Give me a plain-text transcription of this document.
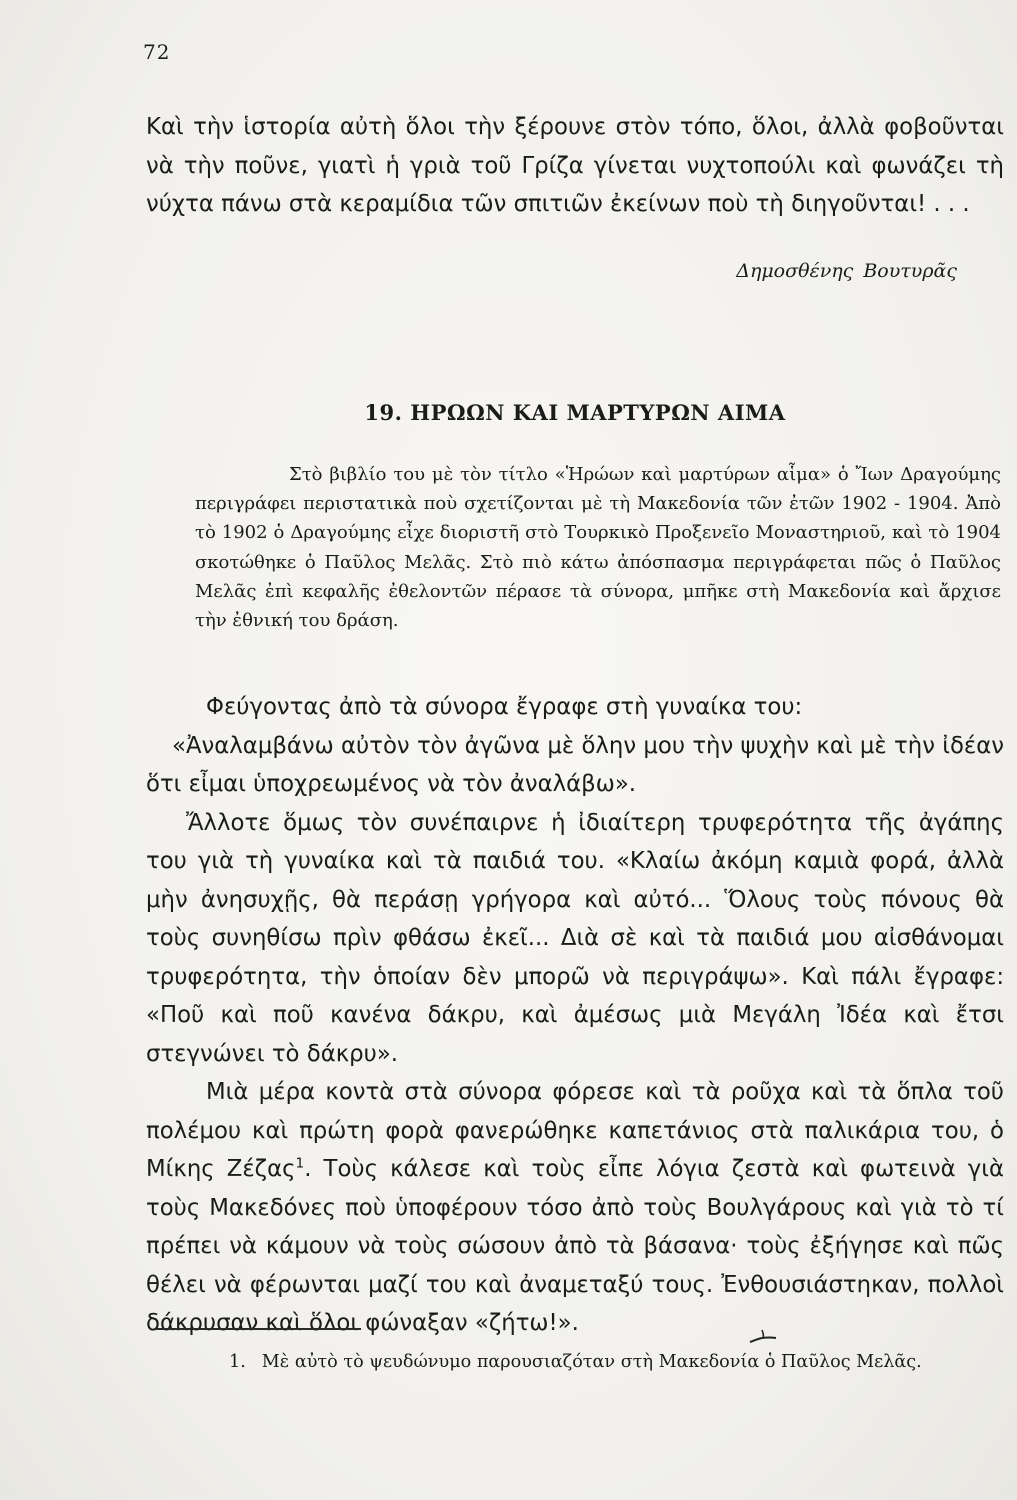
72

Καὶ τὴν ἱστορία αὐτὴ ὅλοι τὴν ξέρουνε στὸν τόπο, ὅλοι, ἀλλὰ φοβοῦνται νὰ τὴν ποῦνε, γιατὶ ἡ γριὰ τοῦ Γρίζα γίνεται νυχτοπούλι καὶ φωνάζει τὴ νύχτα πάνω στὰ κεραμίδια τῶν σπιτιῶν ἐκείνων ποὺ τὴ διηγοῦνται! . . .

Δημοσθένης Βουτυρᾶς
19. ΗΡΩΩΝ ΚΑΙ ΜΑΡΤΥΡΩΝ ΑΙΜΑ

Στὸ βιβλίο του μὲ τὸν τίτλο «Ἡρώων καὶ μαρτύρων αἷμα» ὁ Ἴων Δραγούμης περιγράφει περιστατικὰ ποὺ σχετίζονται μὲ τὴ Μακεδονία τῶν ἐτῶν 1902 - 1904. Ἀπὸ τὸ 1902 ὁ Δραγούμης εἶχε διοριστῆ στὸ Τουρκικὸ Προξενεῖο Μοναστηριοῦ, καὶ τὸ 1904 σκοτώθηκε ὁ Παῦλος Μελᾶς. Στὸ πιὸ κάτω ἀπόσπασμα περιγράφεται πῶς ὁ Παῦλος Μελᾶς ἐπὶ κεφαλῆς ἐθελοντῶν πέρασε τὰ σύνορα, μπῆκε στὴ Μακεδονία καὶ ἄρχισε τὴν ἐθνική του δράση.

Φεύγοντας ἀπὸ τὰ σύνορα ἔγραφε στὴ γυναίκα του:

«Ἀναλαμβάνω αὐτὸν τὸν ἀγῶνα μὲ ὅλην μου τὴν ψυχὴν καὶ μὲ τὴν ἰδέαν ὅτι εἶμαι ὑποχρεωμένος νὰ τὸν ἀναλάβω».

Ἄλλοτε ὅμως τὸν συνέπαιρνε ἡ ἰδιαίτερη τρυφερότητα τῆς ἀγάπης του γιὰ τὴ γυναίκα καὶ τὰ παιδιά του. «Κλαίω ἀκόμη καμιὰ φορά, ἀλλὰ μὴν ἀνησυχῇς, θὰ περάσῃ γρήγορα καὶ αὐτό... Ὅλους τοὺς πόνους θὰ τοὺς συνηθίσω πρὶν φθάσω ἐκεῖ... Διὰ σὲ καὶ τὰ παιδιά μου αἰσθάνομαι τρυφερότητα, τὴν ὁποίαν δὲν μπορῶ νὰ περιγράψω». Καὶ πάλι ἔγραφε: «Ποῦ καὶ ποῦ κανένα δάκρυ, καὶ ἀμέσως μιὰ Μεγάλη Ἰδέα καὶ ἔτσι στεγνώνει τὸ δάκρυ».

Μιὰ μέρα κοντὰ στὰ σύνορα φόρεσε καὶ τὰ ροῦχα καὶ τὰ ὅπλα τοῦ πολέμου καὶ πρώτη φορὰ φανερώθηκε καπετάνιος στὰ παλικάρια του, ὁ Μίκης Ζέζας$^1$. Τοὺς κάλεσε καὶ τοὺς εἶπε λόγια ζεστὰ καὶ φωτεινὰ γιὰ τοὺς Μακεδόνες ποὺ ὑποφέρουν τόσο ἀπὸ τοὺς Βουλγάρους καὶ γιὰ τὸ τί πρέπει νὰ κάμουν νὰ τοὺς σώσουν ἀπὸ τὰ βάσανα· τοὺς ἐξήγησε καὶ πῶς θέλει νὰ φέρωνται μαζί του καὶ ἀναμεταξύ τους. Ἐνθουσιάστηκαν, πολλοὶ δάκρυσαν καὶ ὅλοι φώναξαν «ζήτω!».

1. Μὲ αὐτὸ τὸ ψευδώνυμο παρουσιαζόταν στὴ Μακεδονία ὁ Παῦλος Μελᾶς.
